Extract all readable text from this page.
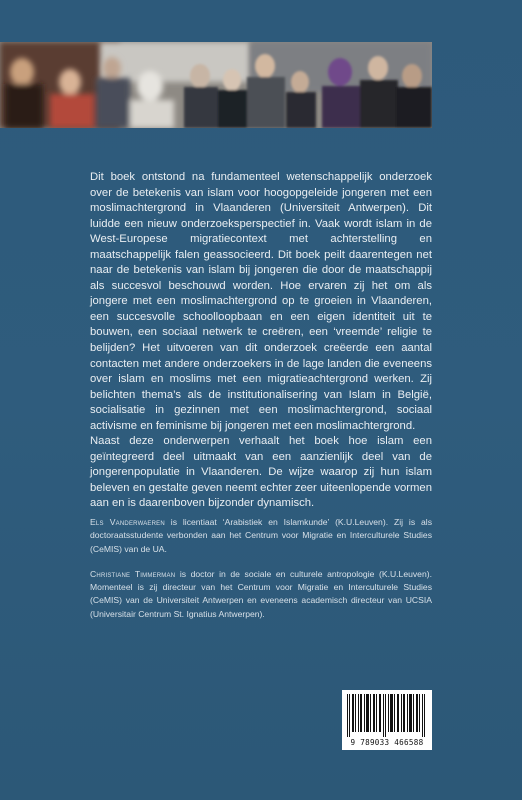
Dit boek ontstond na fundamenteel wetenschappelijk onderzoek over de betekenis van islam voor hoogopgeleide jongeren met een moslimachtergrond in Vlaanderen (Universiteit Antwerpen). Dit luidde een nieuw onderzoeksperspectief in. Vaak wordt islam in de West-Europese migratiecontext met achterstelling en maatschappelijk falen geassocieerd. Dit boek peilt daarentegen net naar de betekenis van islam bij jongeren die door de maatschappij als succesvol beschouwd worden. Hoe ervaren zij het om als jongere met een moslimachtergrond op te groeien in Vlaanderen, een succesvolle schoolloopbaan en een eigen identiteit uit te bouwen, een sociaal netwerk te creëren, een ‘vreemde’ religie te belijden? Het uitvoeren van dit onderzoek creëerde een aantal contacten met andere onderzoekers in de lage landen die eveneens over islam en moslims met een migratieachtergrond werken. Zij belichten thema’s als de institutionalisering van Islam in België, socialisatie in gezinnen met een moslimachtergrond, sociaal activisme en feminisme bij jongeren met een moslimachtergrond.

Naast deze onderwerpen verhaalt het boek hoe islam een geïntegreerd deel uitmaakt van een aanzienlijk deel van de jongerenpopulatie in Vlaanderen. De wijze waarop zij hun islam beleven en gestalte geven neemt echter zeer uiteenlopende vormen aan en is daarenboven bijzonder dynamisch.

Els Vanderwaeren is licentiaat ‘Arabistiek en Islamkunde’ (K.U.Leuven). Zij is als doctoraatsstudente verbonden aan het Centrum voor Migratie en Interculturele Studies (CeMIS) van de UA.

Christiane Timmerman is doctor in de sociale en culturele antropologie (K.U.Leuven). Momenteel is zij directeur van het Centrum voor Migratie en Interculturele Studies (CeMIS) van de Universiteit Antwerpen en eveneens academisch directeur van UCSIA (Universitair Centrum St. Ignatius Antwerpen).

9 789033 466588
